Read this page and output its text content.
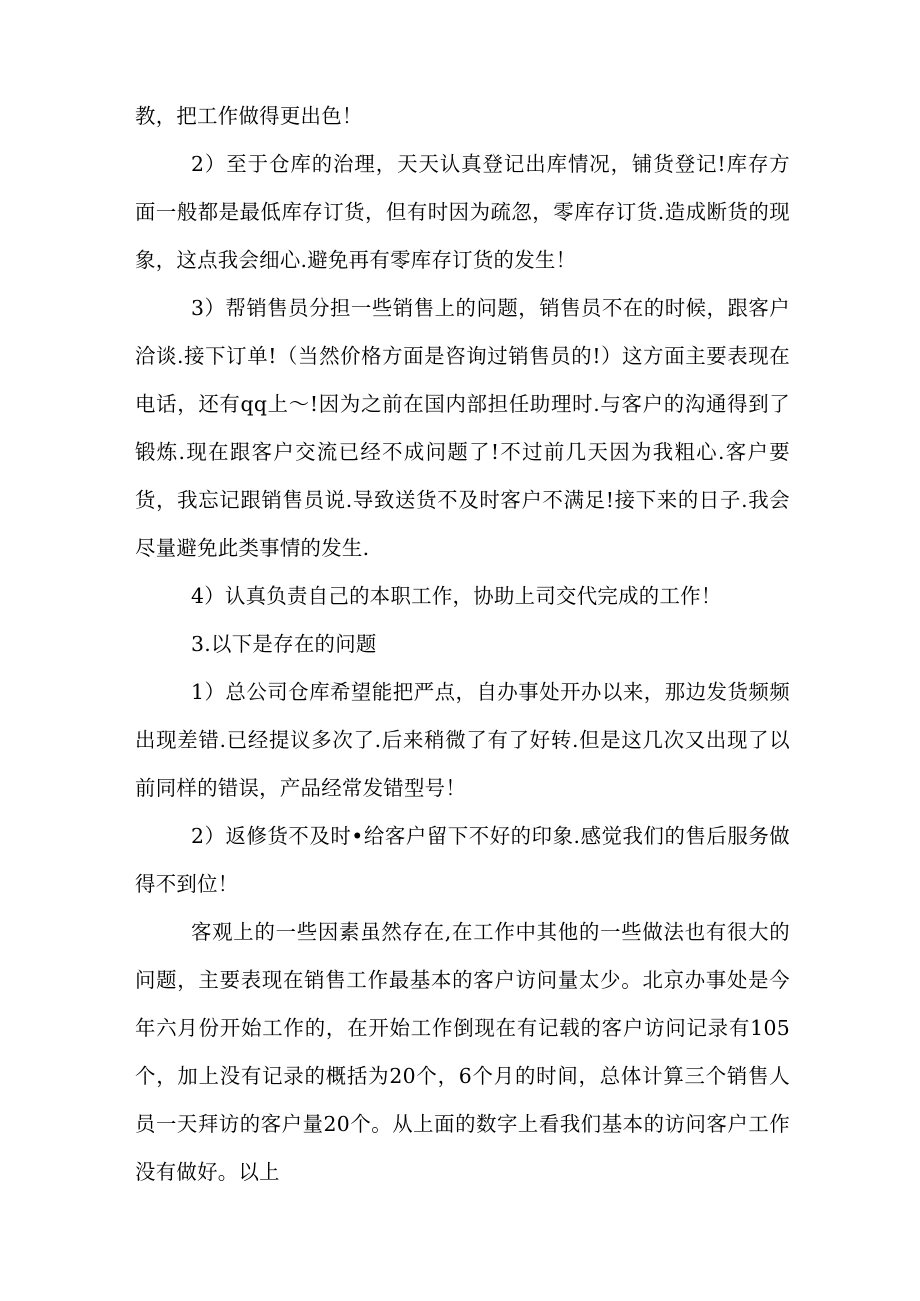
教，把工作做得更出色！

2）至于仓库的治理，天天认真登记出库情况，铺货登记!库存方面一般都是最低库存订货，但有时因为疏忽，零库存订货.造成断货的现象，这点我会细心.避免再有零库存订货的发生！

3）帮销售员分担一些销售上的问题，销售员不在的时候，跟客户洽谈.接下订单!（当然价格方面是咨询过销售员的!）这方面主要表现在电话，还有qq上～!因为之前在国内部担任助理时.与客户的沟通得到了锻炼.现在跟客户交流已经不成问题了!不过前几天因为我粗心.客户要货，我忘记跟销售员说.导致送货不及时客户不满足!接下来的日子.我会尽量避免此类事情的发生.

4）认真负责自己的本职工作，协助上司交代完成的工作！

3.以下是存在的问题

1）总公司仓库希望能把严点，自办事处开办以来，那边发货频频出现差错.已经提议多次了.后来稍微了有了好转.但是这几次又出现了以前同样的错误，产品经常发错型号！

2）返修货不及时•给客户留下不好的印象.感觉我们的售后服务做得不到位！

客观上的一些因素虽然存在,在工作中其他的一些做法也有很大的问题，主要表现在销售工作最基本的客户访问量太少。北京办事处是今年六月份开始工作的，在开始工作倒现在有记载的客户访问记录有105个，加上没有记录的概括为20个，6个月的时间，总体计算三个销售人员一天拜访的客户量20个。从上面的数字上看我们基本的访问客户工作没有做好。以上
